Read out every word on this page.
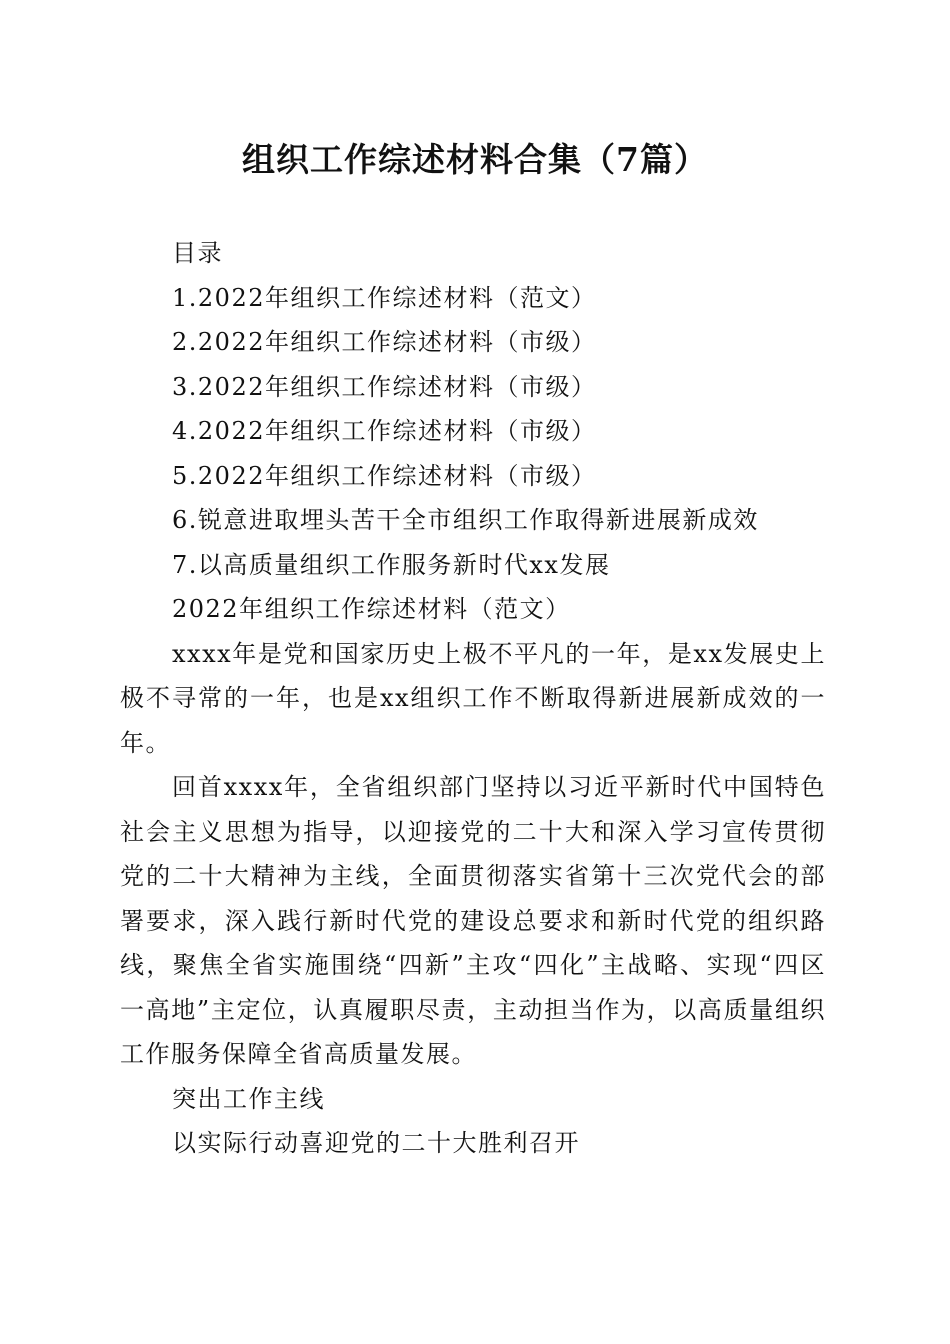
组织工作综述材料合集（7篇）

目录

1.2022年组织工作综述材料（范文）

2.2022年组织工作综述材料（市级）

3.2022年组织工作综述材料（市级）

4.2022年组织工作综述材料（市级）

5.2022年组织工作综述材料（市级）

6.锐意进取埋头苦干全市组织工作取得新进展新成效

7.以高质量组织工作服务新时代xx发展

2022年组织工作综述材料（范文）

xxxx年是党和国家历史上极不平凡的一年，是xx发展史上极不寻常的一年，也是xx组织工作不断取得新进展新成效的一年。

回首xxxx年，全省组织部门坚持以习近平新时代中国特色社会主义思想为指导，以迎接党的二十大和深入学习宣传贯彻党的二十大精神为主线，全面贯彻落实省第十三次党代会的部署要求，深入践行新时代党的建设总要求和新时代党的组织路线，聚焦全省实施围绕“四新”主攻“四化”主战略、实现“四区一高地”主定位，认真履职尽责，主动担当作为，以高质量组织工作服务保障全省高质量发展。

突出工作主线

以实际行动喜迎党的二十大胜利召开
